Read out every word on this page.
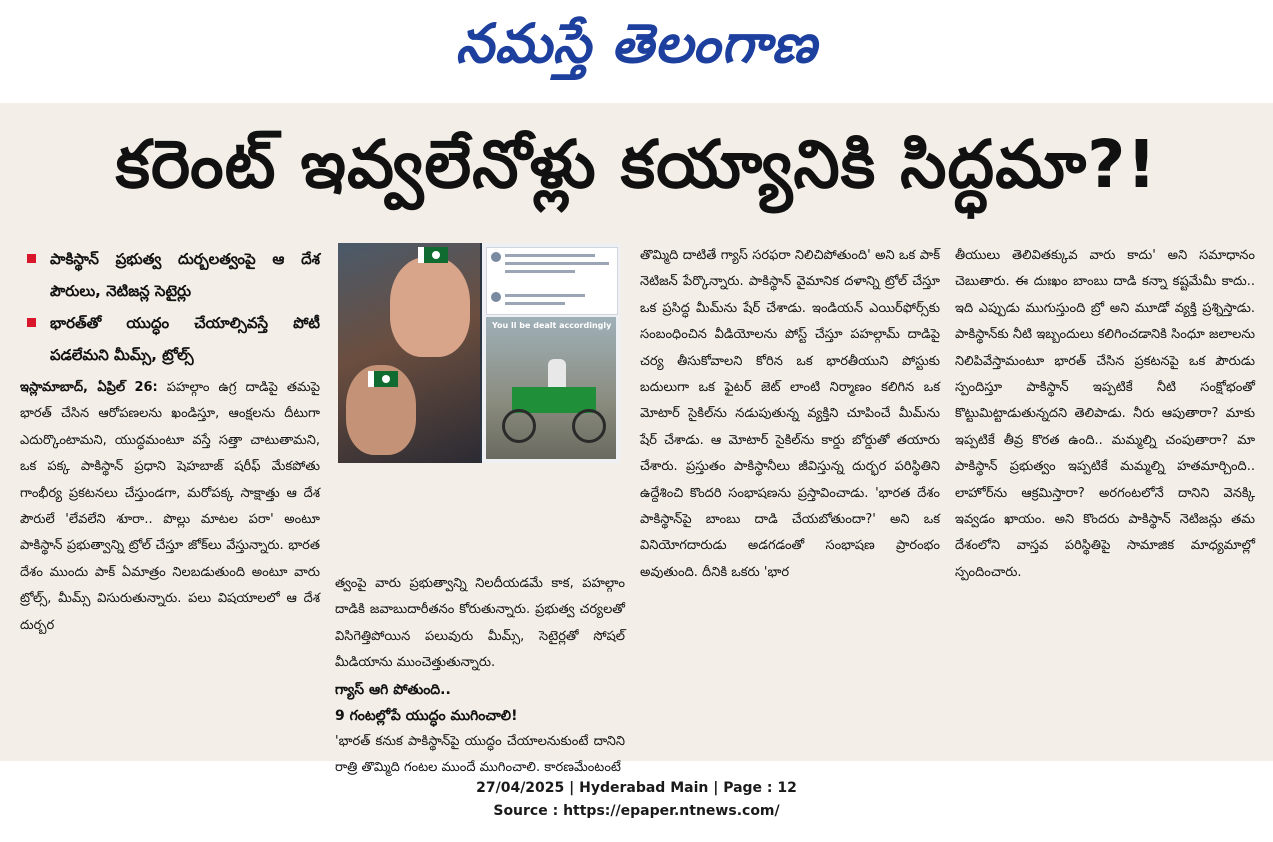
నమస్తే తెలంగాణ
కరెంట్ ఇవ్వలేనోళ్లు కయ్యానికి సిద్ధమా?!
పాకిస్థాన్ ప్రభుత్వ దుర్బలత్వంపై ఆ దేశ పౌరులు, నెటిజన్ల సెటైర్లు
భారత్‌తో యుద్ధం చేయాల్సివస్తే పోటీ పడలేమని మీమ్స్, ట్రోల్స్

ఇస్లామాబాద్, ఏప్రిల్ 26: పహల్గాం ఉగ్ర దాడిపై తమపై భారత్ చేసిన ఆరోపణలను ఖండిస్తూ, ఆంక్షలను దీటుగా ఎదుర్కొంటామని, యుద్ధమంటూ వస్తే సత్తా చాటుతామని, ఒక పక్క పాకిస్థాన్ ప్రధాని షెహబాజ్ షరీఫ్ మేకపోతు గాంభీర్య ప్రకటనలు చేస్తుండగా, మరోపక్క సాక్షాత్తు ఆ దేశ పౌరులే 'లేవలేని శూరా.. పొల్లు మాటల పరా' అంటూ పాకిస్థాన్ ప్రభుత్వాన్ని ట్రోల్ చేస్తూ జోక్‌లు వేస్తున్నారు. భారత దేశం ముందు పాక్ ఏమాత్రం నిలబడుతుంది అంటూ వారు ట్రోల్స్, మీమ్స్ విసురుతున్నారు. పలు విషయాలలో ఆ దేశ దుర్బర

You ll be dealt accordingly

త్వంపై వారు ప్రభుత్వాన్ని నిలదీయడమే కాక, పహల్గాం దాడికి జవాబుదారీతనం కోరుతున్నారు. ప్రభుత్వ చర్యలతో విసిగెత్తిపోయిన పలువురు మీమ్స్, సెటైర్లతో సోషల్ మీడియాను ముంచెత్తుతున్నారు.

గ్యాస్ ఆగి పోతుంది..
9 గంటల్లోపే యుద్ధం ముగించాలి!

'భారత్ కనుక పాకిస్థాన్‌పై యుద్ధం చేయాలనుకుంటే దానిని రాత్రి తొమ్మిది గంటల ముందే ముగించాలి. కారణమేంటంటే

తొమ్మిది దాటితే గ్యాస్ సరఫరా నిలిచిపోతుంది' అని ఒక పాక్ నెటిజన్ పేర్కొన్నారు. పాకిస్థాన్ వైమానిక దళాన్ని ట్రోల్ చేస్తూ ఒక ప్రసిద్ధ మీమ్‌ను షేర్ చేశాడు. ఇండియన్ ఎయిర్‌ఫోర్స్‌కు సంబంధించిన వీడియోలను పోస్ట్ చేస్తూ పహల్గామ్ దాడిపై చర్య తీసుకోవాలని కోరిన ఒక భారతీయుని పోస్టుకు బదులుగా ఒక ఫైటర్ జెట్ లాంటి నిర్మాణం కలిగిన ఒక మోటార్ సైకిల్‌ను నడుపుతున్న వ్యక్తిని చూపించే మీమ్‌ను షేర్ చేశాడు. ఆ మోటార్ సైకిల్‌ను కార్డు బోర్డుతో తయారు చేశారు. ప్రస్తుతం పాకిస్థానీలు జీవిస్తున్న దుర్భర పరిస్థితిని ఉద్దేశించి కొందరి సంభాషణను ప్రస్తావించాడు. 'భారత దేశం పాకిస్థాన్‌పై బాంబు దాడి చేయబోతుందా?' అని ఒక వినియోగదారుడు అడగడంతో సంభాషణ ప్రారంభం అవుతుంది. దీనికి ఒకరు 'భార

తీయులు తెలివితక్కువ వారు కాదు' అని సమాధానం చెబుతారు. ఈ దుఃఖం బాంబు దాడి కన్నా కష్టమేమీ కాదు.. ఇది ఎప్పుడు ముగుస్తుంది బ్రో అని మూడో వ్యక్తి ప్రశ్నిస్తాడు. పాకిస్థాన్‌కు నీటి ఇబ్బందులు కలిగించడానికి సింధూ జలాలను నిలిపివేస్తామంటూ భారత్ చేసిన ప్రకటనపై ఒక పౌరుడు స్పందిస్తూ పాకిస్థాన్ ఇప్పటికే నీటి సంక్షోభంతో కొట్టుమిట్టాడుతున్నదని తెలిపాడు. నీరు ఆపుతారా? మాకు ఇప్పటికే తీవ్ర కొరత ఉంది.. మమ్మల్ని చంపుతారా? మా పాకిస్థాన్ ప్రభుత్వం ఇప్పటికే మమ్మల్ని హతమార్చింది.. లాహోర్‌ను ఆక్రమిస్తారా? అరగంటలోనే దానిని వెనక్కి ఇవ్వడం ఖాయం. అని కొందరు పాకిస్థాన్ నెటిజన్లు తమ దేశంలోని వాస్తవ పరిస్థితిపై సామాజిక మాధ్యమాల్లో స్పందించారు.

27/04/2025 | Hyderabad Main | Page : 12
Source : https://epaper.ntnews.com/
